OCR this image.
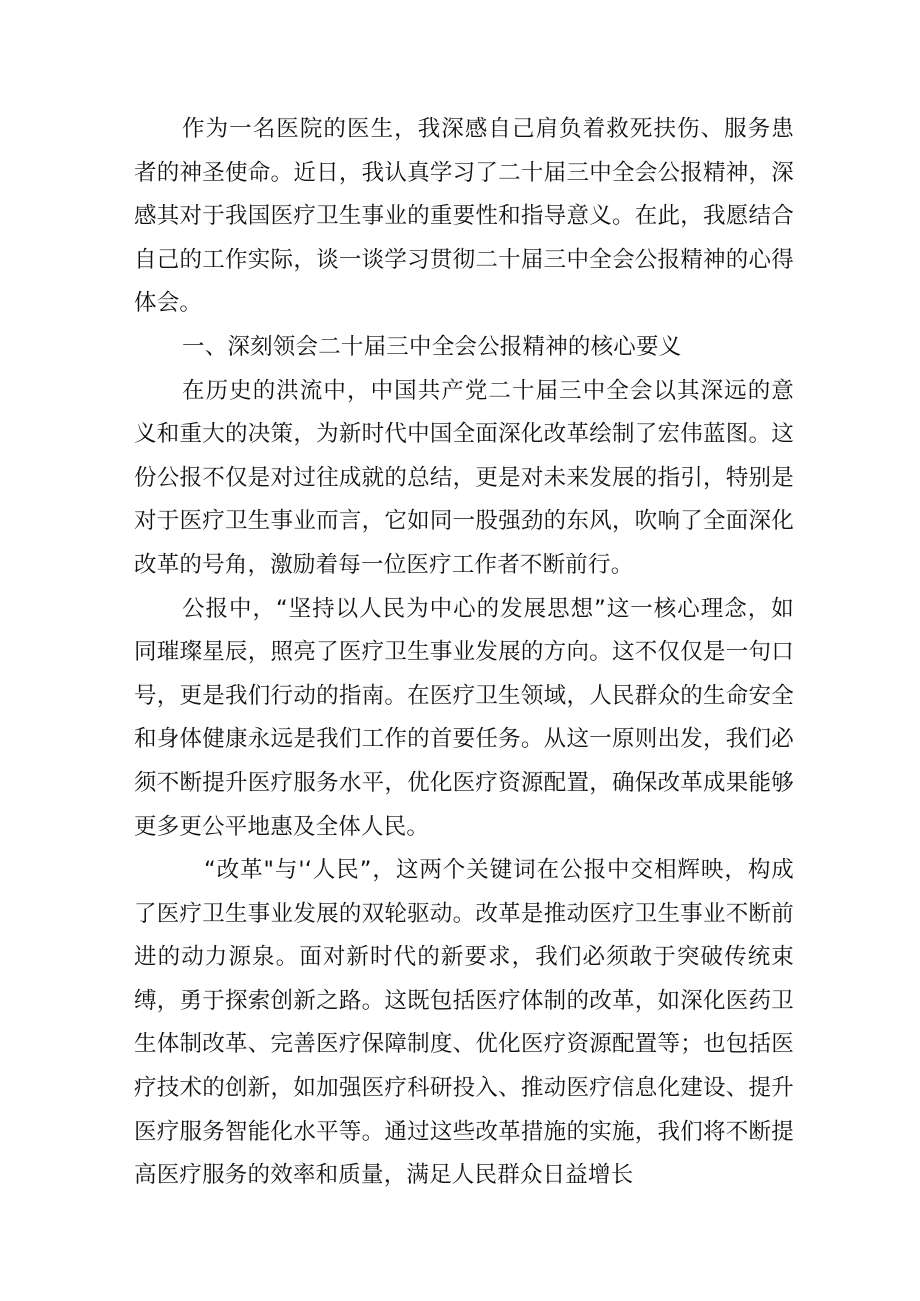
作为一名医院的医生，我深感自己肩负着救死扶伤、服务患者的神圣使命。近日，我认真学习了二十届三中全会公报精神，深感其对于我国医疗卫生事业的重要性和指导意义。在此，我愿结合自己的工作实际，谈一谈学习贯彻二十届三中全会公报精神的心得体会。

一、深刻领会二十届三中全会公报精神的核心要义

在历史的洪流中，中国共产党二十届三中全会以其深远的意义和重大的决策，为新时代中国全面深化改革绘制了宏伟蓝图。这份公报不仅是对过往成就的总结，更是对未来发展的指引，特别是对于医疗卫生事业而言，它如同一股强劲的东风，吹响了全面深化改革的号角，激励着每一位医疗工作者不断前行。

公报中，“坚持以人民为中心的发展思想”这一核心理念，如同璀璨星辰，照亮了医疗卫生事业发展的方向。这不仅仅是一句口号，更是我们行动的指南。在医疗卫生领域，人民群众的生命安全和身体健康永远是我们工作的首要任务。从这一原则出发，我们必须不断提升医疗服务水平，优化医疗资源配置，确保改革成果能够更多更公平地惠及全体人民。

“改革"与'‘人民”，这两个关键词在公报中交相辉映，构成了医疗卫生事业发展的双轮驱动。改革是推动医疗卫生事业不断前进的动力源泉。面对新时代的新要求，我们必须敢于突破传统束缚，勇于探索创新之路。这既包括医疗体制的改革，如深化医药卫生体制改革、完善医疗保障制度、优化医疗资源配置等；也包括医疗技术的创新，如加强医疗科研投入、推动医疗信息化建设、提升医疗服务智能化水平等。通过这些改革措施的实施，我们将不断提高医疗服务的效率和质量，满足人民群众日益增长
